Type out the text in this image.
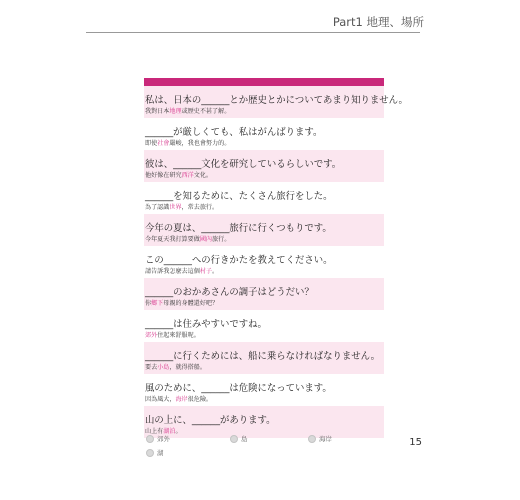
Part1 地理、場所
私は、日本の______とか歴史とかについてあまり知りません。
我對日本地理或歷史不甚了解。
______が厳しくても、私はがんばります。
即使社會嚴峻，我也會努力的。
彼は、______文化を研究しているらしいです。
他好像在研究西洋文化。
______を知るために、たくさん旅行をした。
為了認識世界，常去旅行。
今年の夏は、______旅行に行くつもりです。
今年夏天我打算要做國內旅行。
この______への行きかたを教えてください。
請告訴我怎麼去這個村子。
______のおかあさんの調子はどうだい？
你鄉下母親的身體還好吧？
______は住みやすいですね。
郊外住起來舒服呢。
______に行くためには、船に乗らなければなりません。
要去小島，就得搭船。
風のために、______は危険になっています。
因為風大，海岸很危險。
山の上に、______があります。
山上有湖泊。
郊外	島	海岸
湖
15
